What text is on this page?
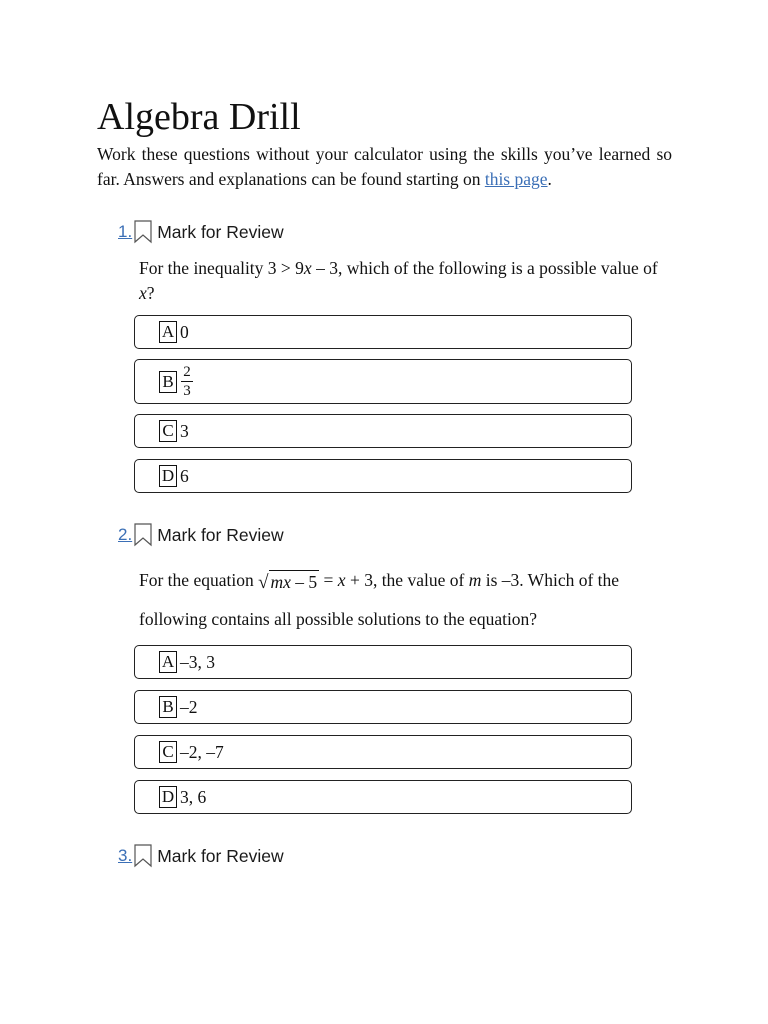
Algebra Drill

Work these questions without your calculator using the skills you’ve learned so far. Answers and explanations can be found starting on this page.

1. Mark for Review

For the inequality 3 > 9x – 3, which of the following is a possible value of x?

A 0
B $\frac{2}{3}$
C 3
D 6
2. Mark for Review

For the equation √ mx – 5 = x + 3, the value of m is –3. Which of the following contains all possible solutions to the equation?

A –3, 3
B –2
C –2, –7
D 3, 6
3. Mark for Review
